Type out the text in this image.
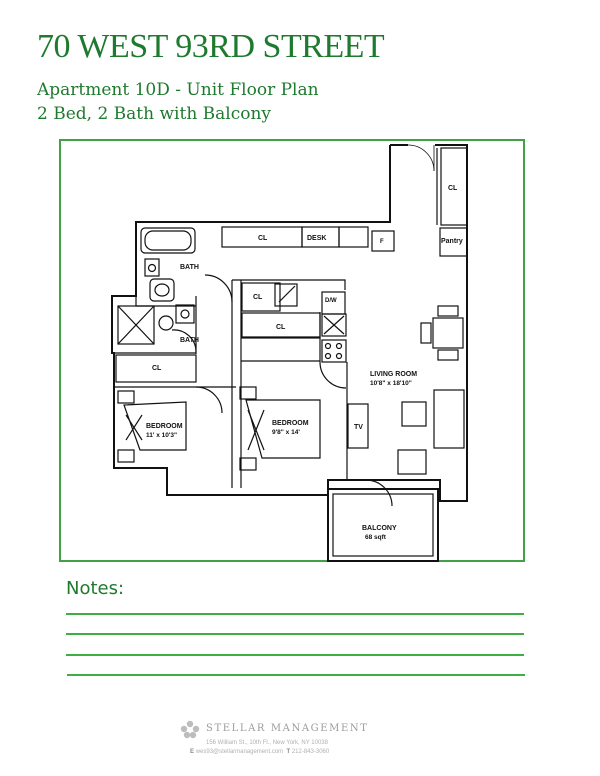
70 WEST 93RD STREET
Apartment 10D - Unit Floor Plan
2 Bed, 2 Bath with Balcony
CL
CL	DESK	F	Pantry
BATH
CL	D/W
CL
BATH
CL
LIVING ROOM
10'8" x 18'10"
BEDROOM
11' x 10'3"
BEDROOM
9'8" x 14'
TV
BALCONY
68 sqft
Notes:
STELLAR MANAGEMENT
156 William St., 10th Fl., New York, NY 10038
E wes93@stellarmanagement.com T 212-843-3060
